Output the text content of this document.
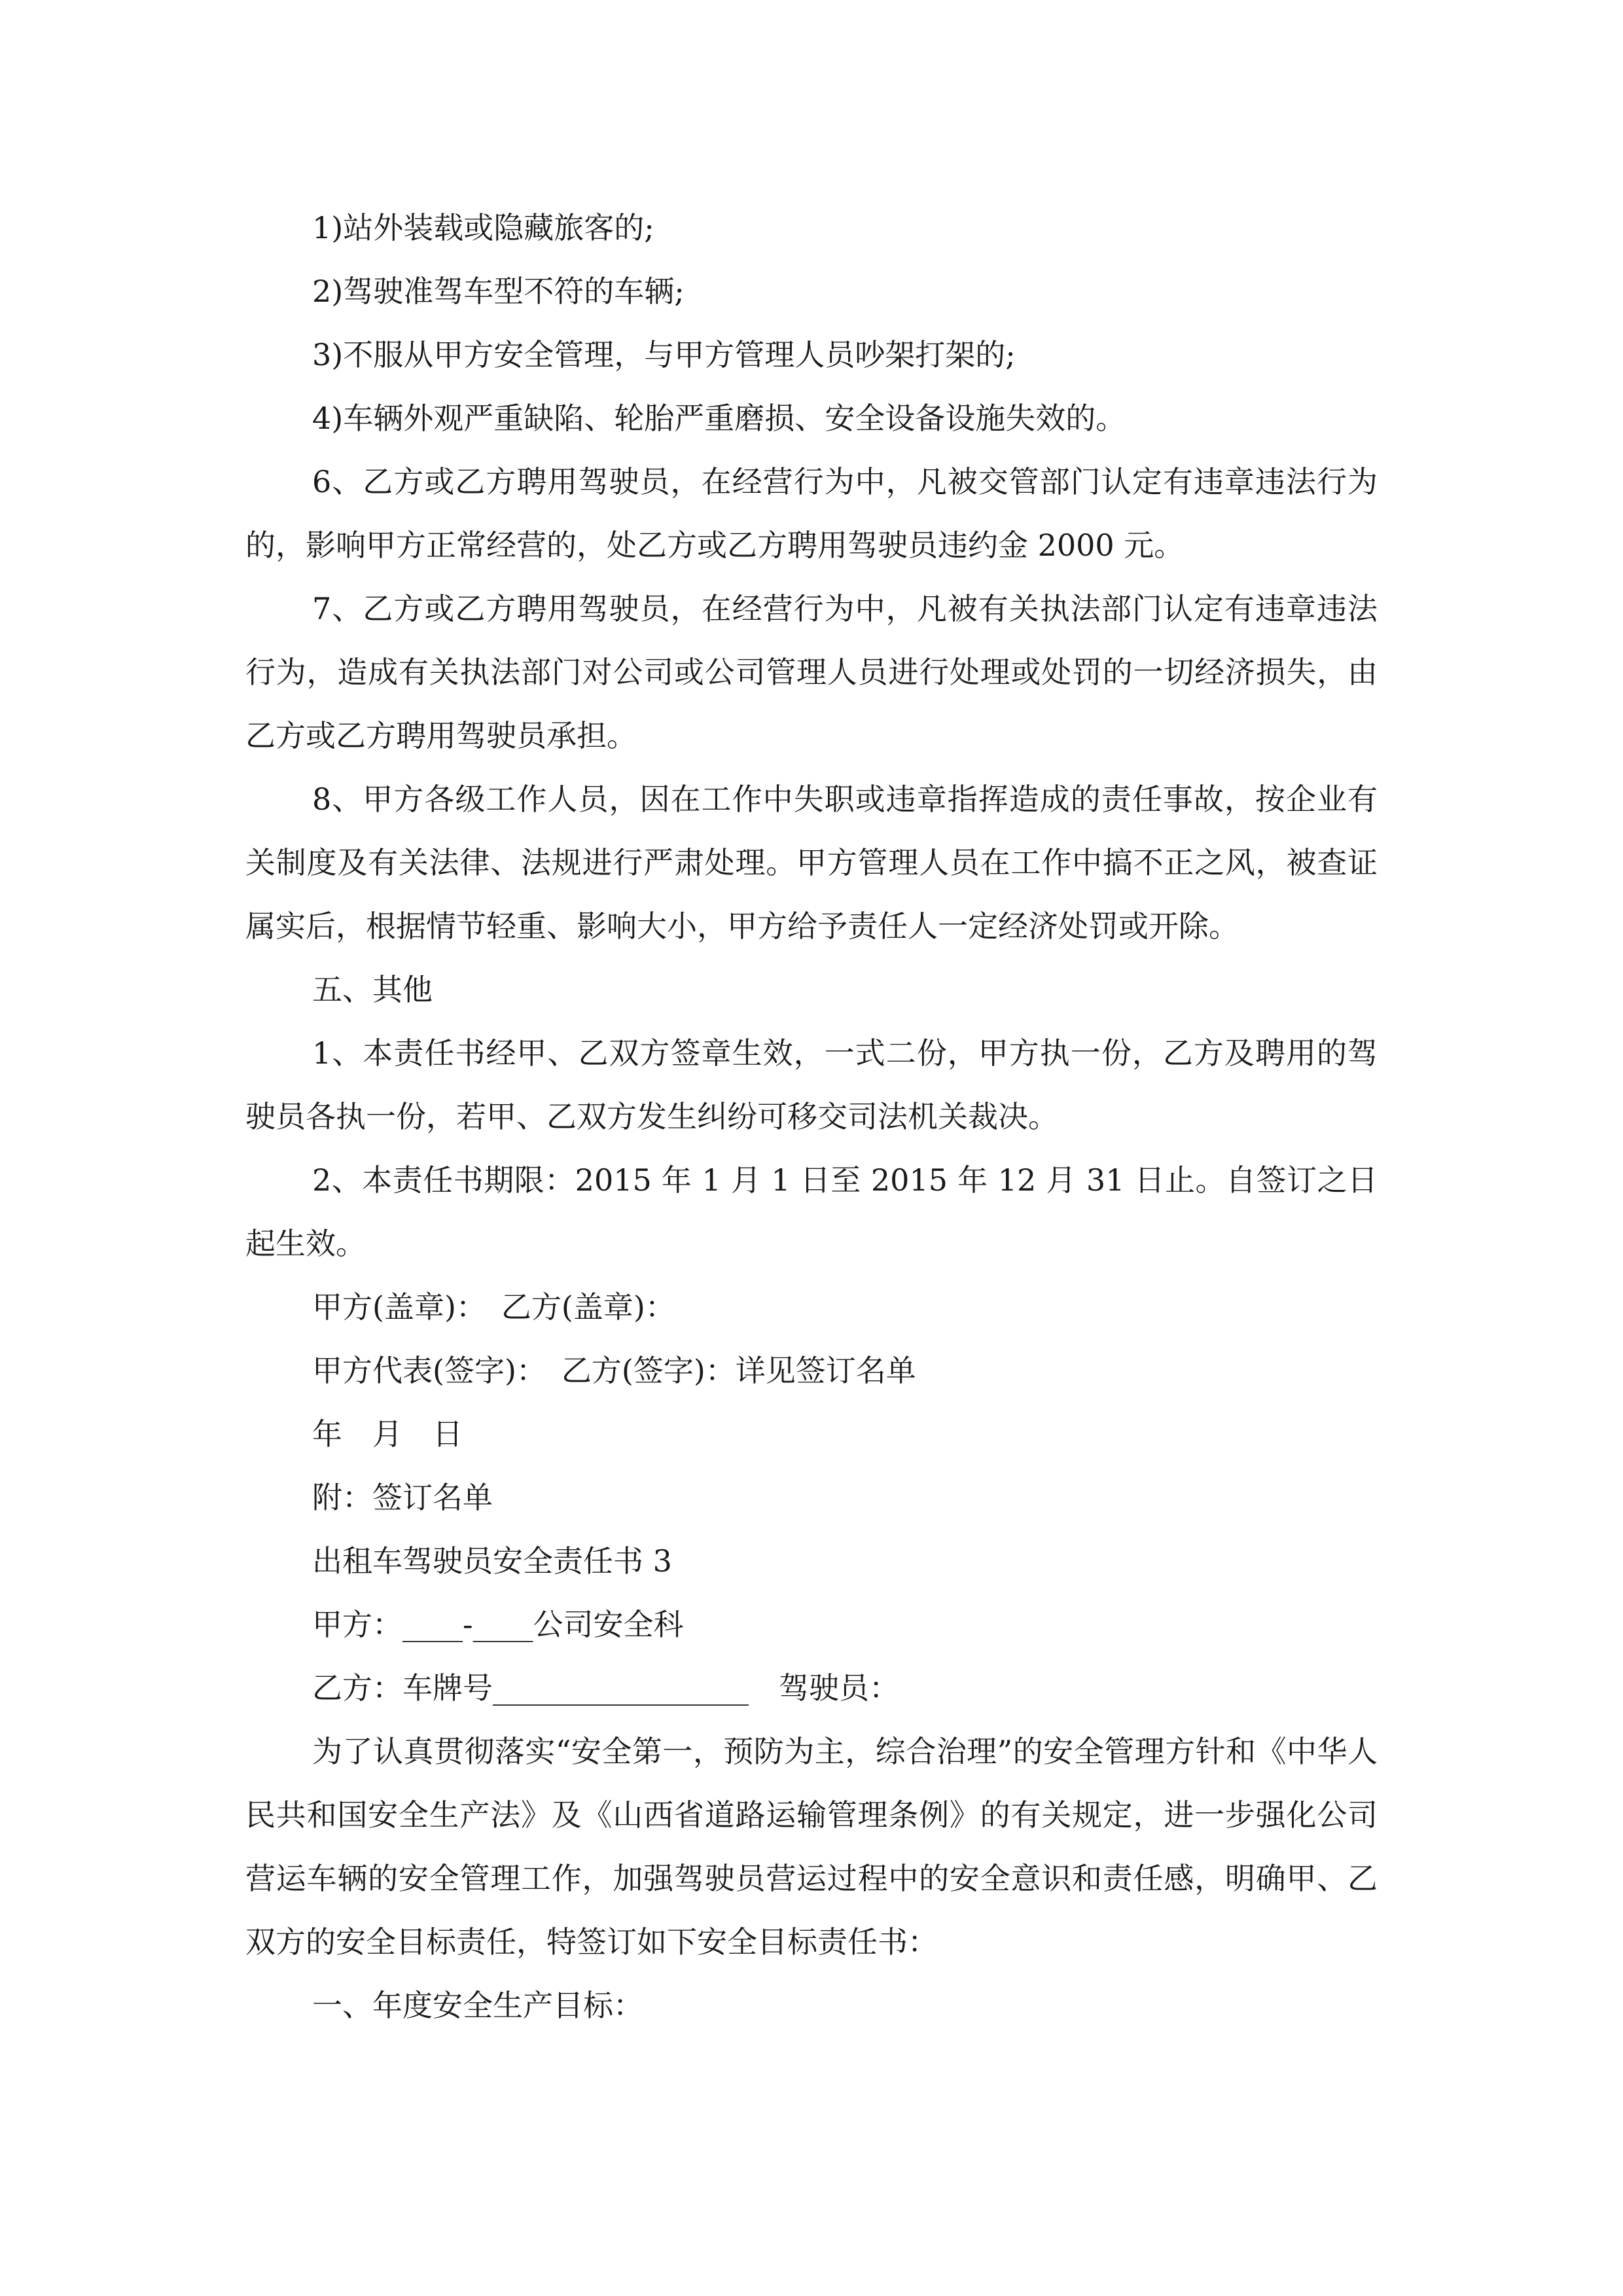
1)站外装载或隐藏旅客的;

2)驾驶准驾车型不符的车辆;

3)不服从甲方安全管理，与甲方管理人员吵架打架的;

4)车辆外观严重缺陷、轮胎严重磨损、安全设备设施失效的。

6、乙方或乙方聘用驾驶员，在经营行为中，凡被交管部门认定有违章违法行为的，影响甲方正常经营的，处乙方或乙方聘用驾驶员违约金 2000 元。

7、乙方或乙方聘用驾驶员，在经营行为中，凡被有关执法部门认定有违章违法行为，造成有关执法部门对公司或公司管理人员进行处理或处罚的一切经济损失，由乙方或乙方聘用驾驶员承担。

8、甲方各级工作人员，因在工作中失职或违章指挥造成的责任事故，按企业有关制度及有关法律、法规进行严肃处理。甲方管理人员在工作中搞不正之风，被查证属实后，根据情节轻重、影响大小，甲方给予责任人一定经济处罚或开除。

五、其他

1、本责任书经甲、乙双方签章生效，一式二份，甲方执一份，乙方及聘用的驾驶员各执一份，若甲、乙双方发生纠纷可移交司法机关裁决。

2、本责任书期限：2015 年 1 月 1 日至 2015 年 12 月 31 日止。自签订之日起生效。

甲方(盖章)：　乙方(盖章)：

甲方代表(签字)：　乙方(签字)：详见签订名单

年　月　日

附：签订名单

出租车驾驶员安全责任书 3

甲方：____-____公司安全科

乙方：车牌号_________________　驾驶员：

为了认真贯彻落实“安全第一，预防为主，综合治理”的安全管理方针和《中华人民共和国安全生产法》及《山西省道路运输管理条例》的有关规定，进一步强化公司营运车辆的安全管理工作，加强驾驶员营运过程中的安全意识和责任感，明确甲、乙双方的安全目标责任，特签订如下安全目标责任书：

一、年度安全生产目标：
